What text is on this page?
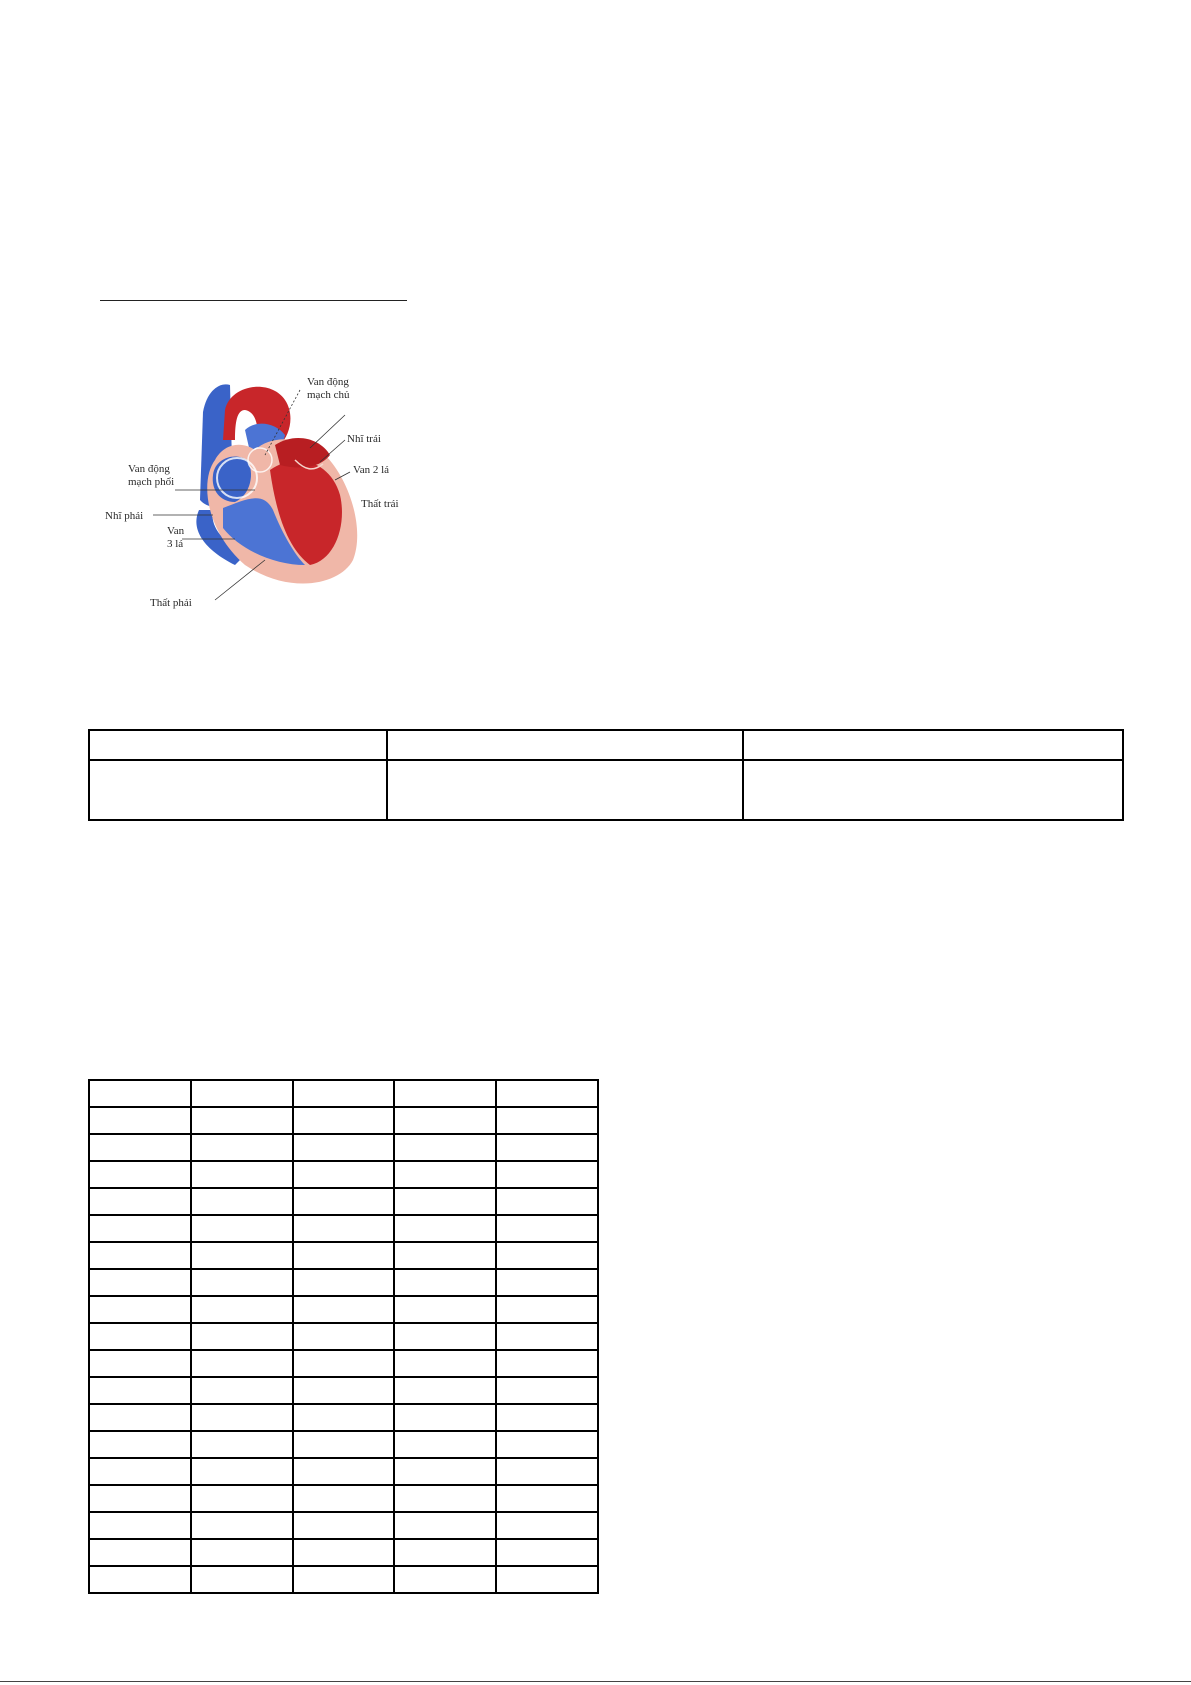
Van động
mạch chủ
Nhĩ trái
Van 2 lá
Thất trái
Van động
mạch phổi
Nhĩ phải
Van
3 lá
Thất phải
